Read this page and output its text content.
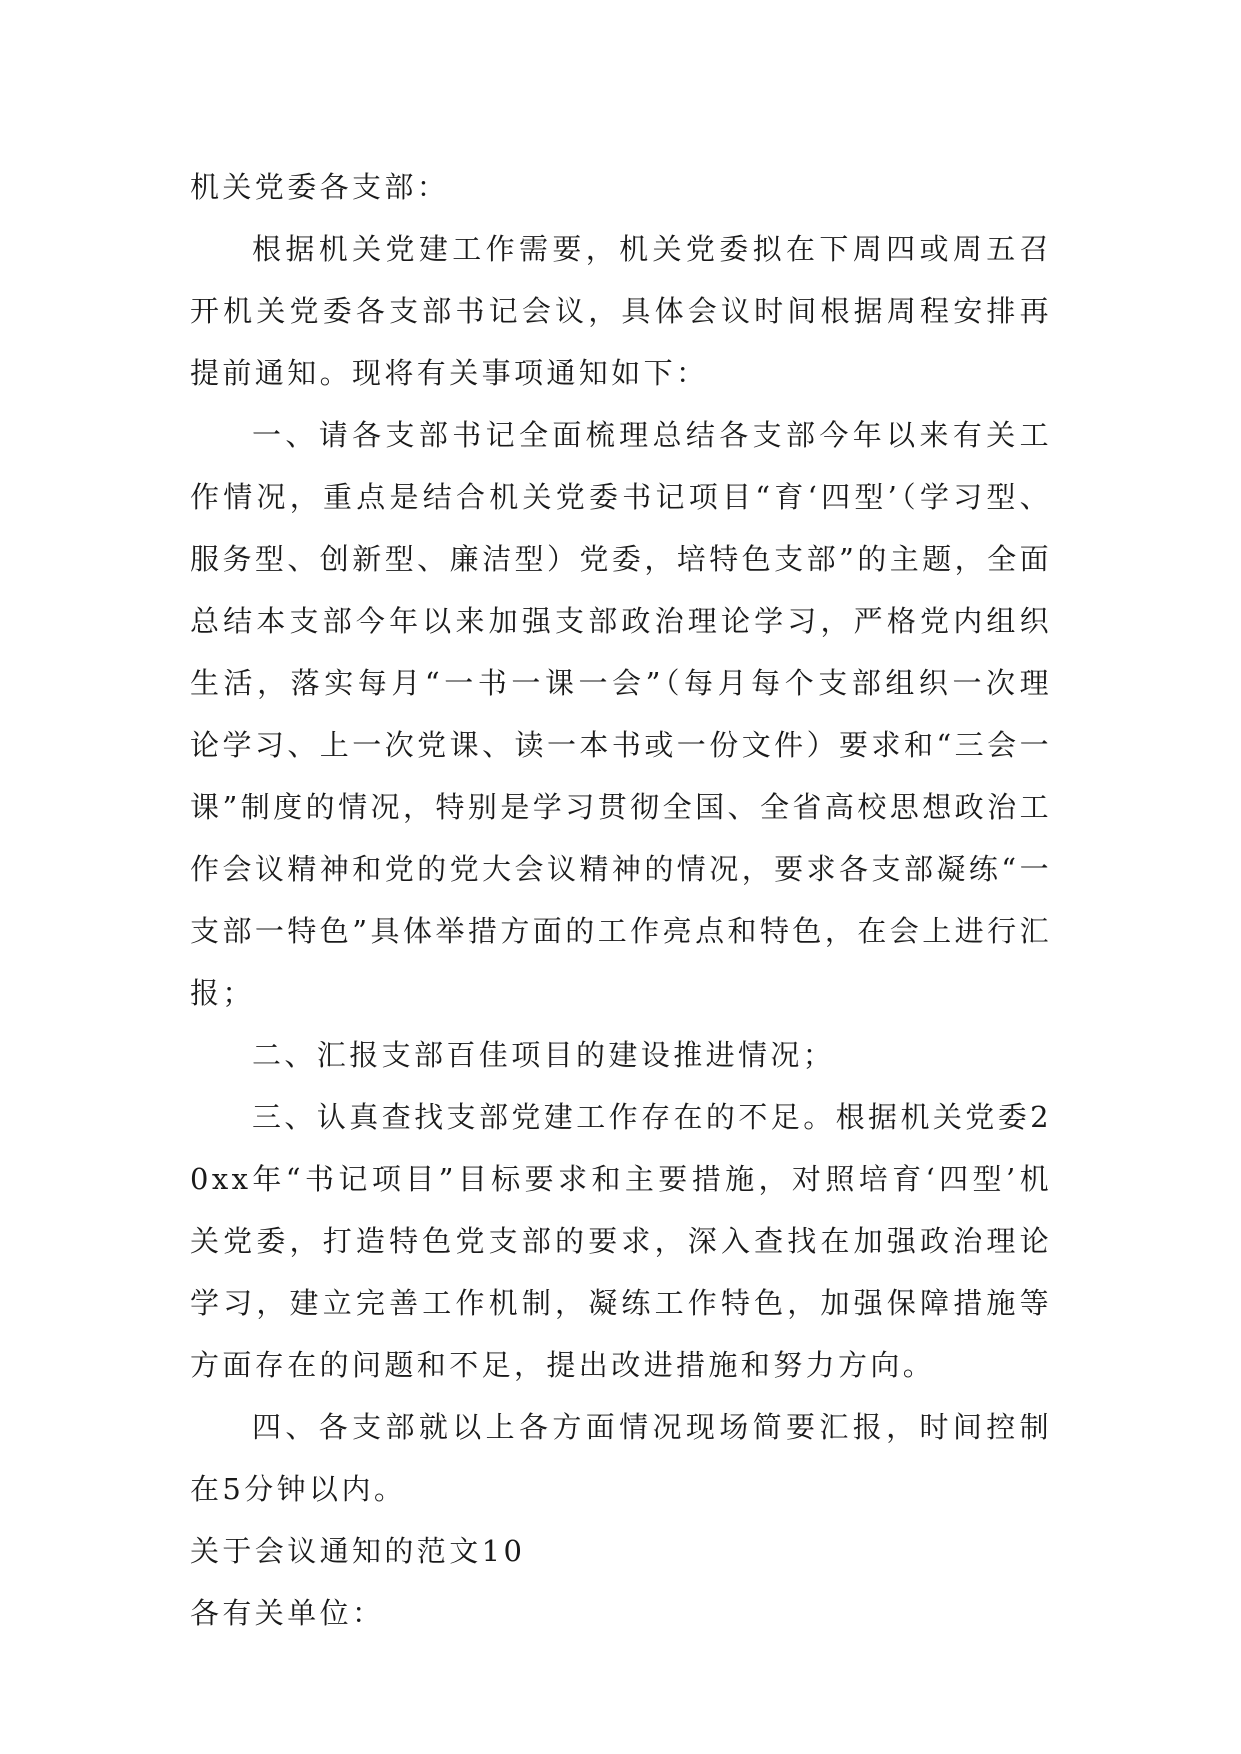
机关党委各支部：

根据机关党建工作需要，机关党委拟在下周四或周五召开机关党委各支部书记会议，具体会议时间根据周程安排再提前通知。现将有关事项通知如下：

一、请各支部书记全面梳理总结各支部今年以来有关工作情况，重点是结合机关党委书记项目“育‘四型’（学习型、服务型、创新型、廉洁型）党委，培特色支部”的主题，全面总结本支部今年以来加强支部政治理论学习，严格党内组织生活，落实每月“一书一课一会”（每月每个支部组织一次理论学习、上一次党课、读一本书或一份文件）要求和“三会一课”制度的情况，特别是学习贯彻全国、全省高校思想政治工作会议精神和党的党大会议精神的情况，要求各支部凝练“一支部一特色”具体举措方面的工作亮点和特色，在会上进行汇报；

二、汇报支部百佳项目的建设推进情况；

三、认真查找支部党建工作存在的不足。根据机关党委20xx年“书记项目”目标要求和主要措施，对照培育‘四型’机关党委，打造特色党支部的要求，深入查找在加强政治理论学习，建立完善工作机制，凝练工作特色，加强保障措施等方面存在的问题和不足，提出改进措施和努力方向。

四、各支部就以上各方面情况现场简要汇报，时间控制在5分钟以内。

关于会议通知的范文10

各有关单位：
